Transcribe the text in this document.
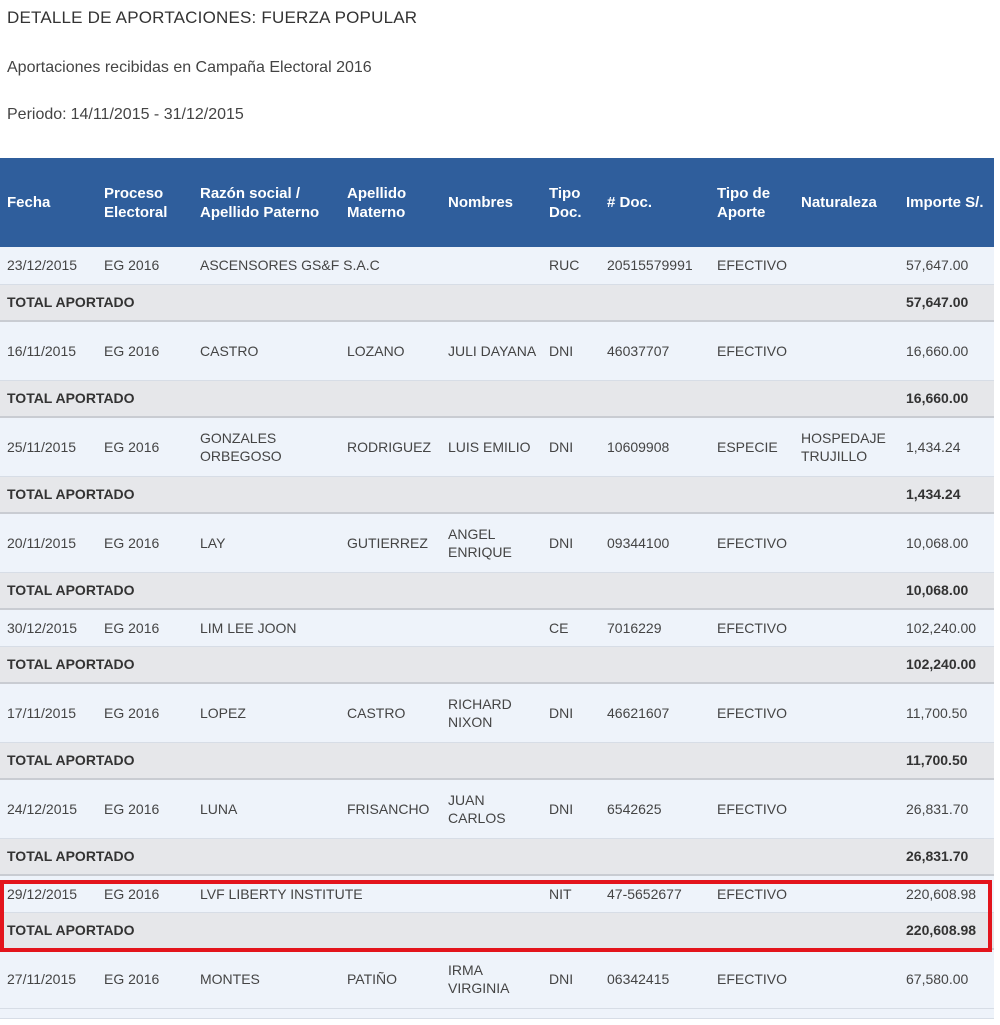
DETALLE DE APORTACIONES: FUERZA POPULAR

Aportaciones recibidas en Campaña Electoral 2016

Periodo: 14/11/2015 - 31/12/2015

Fecha	Proceso Electoral	Razón social / Apellido Paterno	Apellido Materno	Nombres	Tipo Doc.	# Doc.	Tipo de Aporte	Naturaleza	Importe S/.
23/12/2015	EG 2016	ASCENSORES GS&F S.A.C			RUC	20515579991	EFECTIVO		57,647.00
TOTAL APORTADO									57,647.00
16/11/2015	EG 2016	CASTRO	LOZANO	JULI DAYANA	DNI	46037707	EFECTIVO		16,660.00
TOTAL APORTADO									16,660.00
25/11/2015	EG 2016	GONZALES ORBEGOSO	RODRIGUEZ	LUIS EMILIO	DNI	10609908	ESPECIE	HOSPEDAJE TRUJILLO	1,434.24
TOTAL APORTADO									1,434.24
20/11/2015	EG 2016	LAY	GUTIERREZ	ANGEL ENRIQUE	DNI	09344100	EFECTIVO		10,068.00
TOTAL APORTADO									10,068.00
30/12/2015	EG 2016	LIM LEE JOON			CE	7016229	EFECTIVO		102,240.00
TOTAL APORTADO									102,240.00
17/11/2015	EG 2016	LOPEZ	CASTRO	RICHARD NIXON	DNI	46621607	EFECTIVO		11,700.50
TOTAL APORTADO									11,700.50
24/12/2015	EG 2016	LUNA	FRISANCHO	JUAN CARLOS	DNI	6542625	EFECTIVO		26,831.70
TOTAL APORTADO									26,831.70
29/12/2015	EG 2016	LVF LIBERTY INSTITUTE			NIT	47-5652677	EFECTIVO		220,608.98
TOTAL APORTADO									220,608.98
27/11/2015	EG 2016	MONTES	PATIÑO	IRMA VIRGINIA	DNI	06342415	EFECTIVO		67,580.00
